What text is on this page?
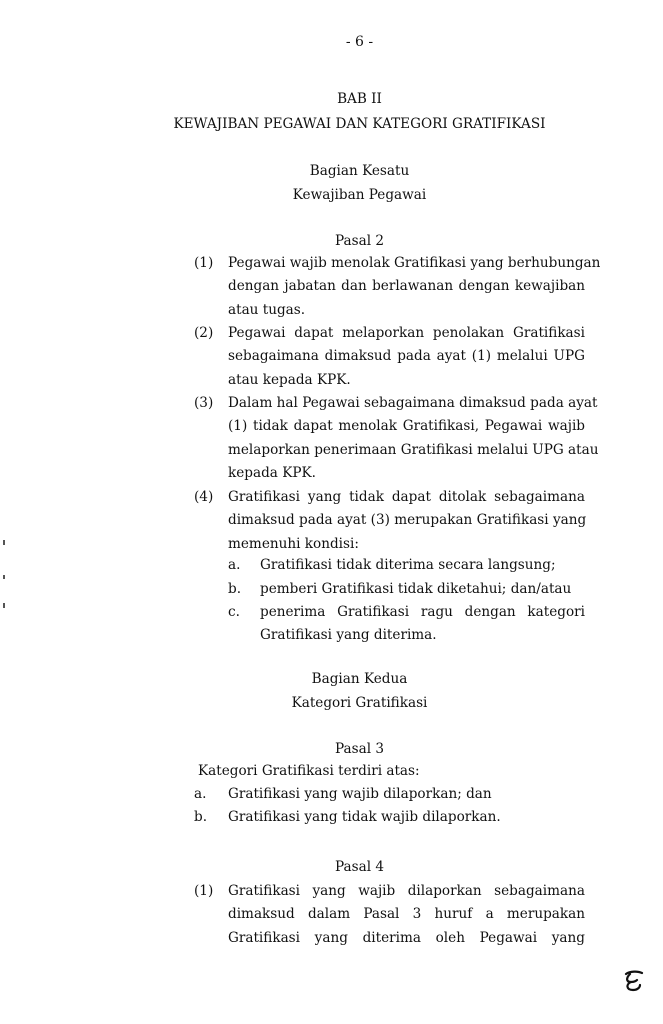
- 6 -
BAB II
KEWAJIBAN PEGAWAI DAN KATEGORI GRATIFIKASI
Bagian Kesatu
Kewajiban Pegawai
Pasal 2
(1)	Pegawai wajib menolak Gratifikasi yang berhubungan
dengan jabatan dan berlawanan dengan kewajiban
atau tugas.
(2)	Pegawai dapat melaporkan penolakan Gratifikasi
sebagaimana dimaksud pada ayat (1) melalui UPG
atau kepada KPK.
(3)	Dalam hal Pegawai sebagaimana dimaksud pada ayat
(1) tidak dapat menolak Gratifikasi, Pegawai wajib
melaporkan penerimaan Gratifikasi melalui UPG atau
kepada KPK.
(4)	Gratifikasi yang tidak dapat ditolak sebagaimana
dimaksud pada ayat (3) merupakan Gratifikasi yang
memenuhi kondisi:
a.	Gratifikasi tidak diterima secara langsung;
b.	pemberi Gratifikasi tidak diketahui; dan/atau
c.	penerima Gratifikasi ragu dengan kategori
Gratifikasi yang diterima.
Bagian Kedua
Kategori Gratifikasi
Pasal 3
Kategori Gratifikasi terdiri atas:
a.	Gratifikasi yang wajib dilaporkan; dan
b.	Gratifikasi yang tidak wajib dilaporkan.
Pasal 4
(1)	Gratifikasi yang wajib dilaporkan sebagaimana
dimaksud dalam Pasal 3 huruf a merupakan
Gratifikasi yang diterima oleh Pegawai yang
